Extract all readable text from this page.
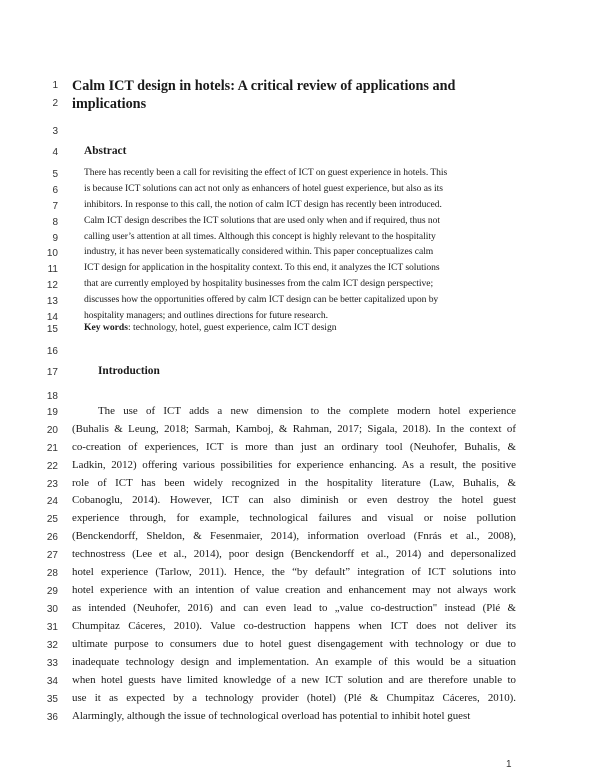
1
2
3
4
5
6
7
8
9
10
11
12
13
14
15
16
17
18
19
20
21
22
23
24
25
26
27
28
29
30
31
32
33
34
35
36
Calm ICT design in hotels: A critical review of applications and
implications
Abstract
There has recently been a call for revisiting the effect of ICT on guest experience in hotels. This
is because ICT solutions can act not only as enhancers of hotel guest experience, but also as its
inhibitors. In response to this call, the notion of calm ICT design has recently been introduced.
Calm ICT design describes the ICT solutions that are used only when and if required, thus not
calling user’s attention at all times. Although this concept is highly relevant to the hospitality
industry, it has never been systematically considered within. This paper conceptualizes calm
ICT design for application in the hospitality context. To this end, it analyzes the ICT solutions
that are currently employed by hospitality businesses from the calm ICT design perspective;
discusses how the opportunities offered by calm ICT design can be better capitalized upon by
hospitality managers; and outlines directions for future research.
Key words: technology, hotel, guest experience, calm ICT design
Introduction
The use of ICT adds a new dimension to the complete modern hotel experience
(Buhalis & Leung, 2018; Sarmah, Kamboj, & Rahman, 2017; Sigala, 2018). In the context of
co-creation of experiences, ICT is more than just an ordinary tool (Neuhofer, Buhalis, &
Ladkin, 2012) offering various possibilities for experience enhancing. As a result, the positive
role of ICT has been widely recognized in the hospitality literature (Law, Buhalis, &
Cobanoglu, 2014). However, ICT can also diminish or even destroy the hotel guest
experience through, for example, technological failures and visual or noise pollution
(Benckendorff, Sheldon, & Fesenmaier, 2014), information overload (Fnrás et al., 2008),
technostress (Lee et al., 2014), poor design (Benckendorff et al., 2014) and depersonalized
hotel experience (Tarlow, 2011). Hence, the “by default” integration of ICT solutions into
hotel experience with an intention of value creation and enhancement may not always work
as intended (Neuhofer, 2016) and can even lead to „value co-destruction" instead (Plé &
Chumpitaz Cáceres, 2010). Value co-destruction happens when ICT does not deliver its
ultimate purpose to consumers due to hotel guest disengagement with technology or due to
inadequate technology design and implementation. An example of this would be a situation
when hotel guests have limited knowledge of a new ICT solution and are therefore unable to
use it as expected by a technology provider (hotel) (Plé & Chumpitaz Cáceres, 2010).
Alarmingly, although the issue of technological overload has potential to inhibit hotel guest
1
